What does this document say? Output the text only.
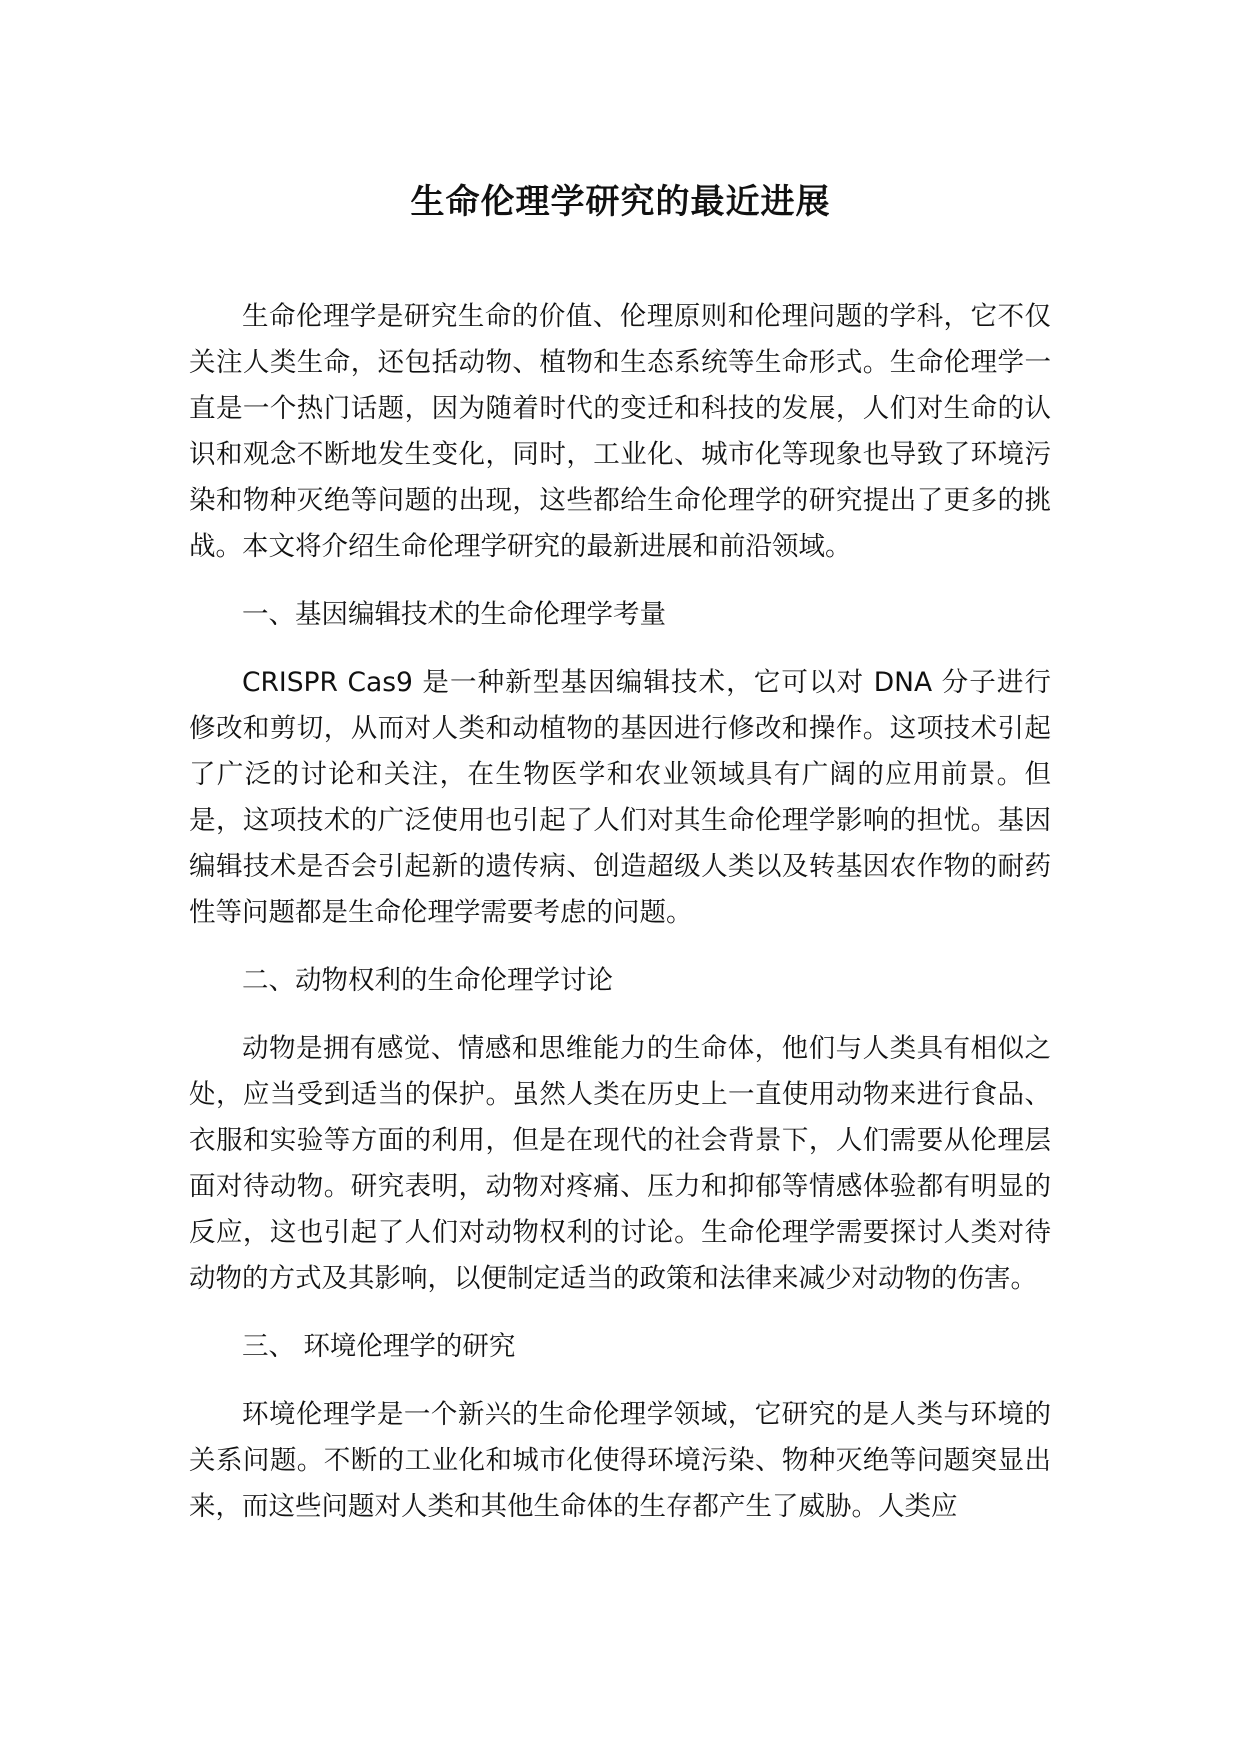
生命伦理学研究的最近进展

生命伦理学是研究生命的价值、伦理原则和伦理问题的学科，它不仅关注人类生命，还包括动物、植物和生态系统等生命形式。生命伦理学一直是一个热门话题，因为随着时代的变迁和科技的发展，人们对生命的认识和观念不断地发生变化，同时，工业化、城市化等现象也导致了环境污染和物种灭绝等问题的出现，这些都给生命伦理学的研究提出了更多的挑战。本文将介绍生命伦理学研究的最新进展和前沿领域。

一、基因编辑技术的生命伦理学考量

CRISPR Cas9 是一种新型基因编辑技术，它可以对 DNA 分子进行修改和剪切，从而对人类和动植物的基因进行修改和操作。这项技术引起了广泛的讨论和关注，在生物医学和农业领域具有广阔的应用前景。但是，这项技术的广泛使用也引起了人们对其生命伦理学影响的担忧。基因编辑技术是否会引起新的遗传病、创造超级人类以及转基因农作物的耐药性等问题都是生命伦理学需要考虑的问题。

二、动物权利的生命伦理学讨论

动物是拥有感觉、情感和思维能力的生命体，他们与人类具有相似之处，应当受到适当的保护。虽然人类在历史上一直使用动物来进行食品、衣服和实验等方面的利用，但是在现代的社会背景下，人们需要从伦理层面对待动物。研究表明，动物对疼痛、压力和抑郁等情感体验都有明显的反应，这也引起了人们对动物权利的讨论。生命伦理学需要探讨人类对待动物的方式及其影响，以便制定适当的政策和法律来减少对动物的伤害。

三、 环境伦理学的研究

环境伦理学是一个新兴的生命伦理学领域，它研究的是人类与环境的关系问题。不断的工业化和城市化使得环境污染、物种灭绝等问题突显出来，而这些问题对人类和其他生命体的生存都产生了威胁。人类应
